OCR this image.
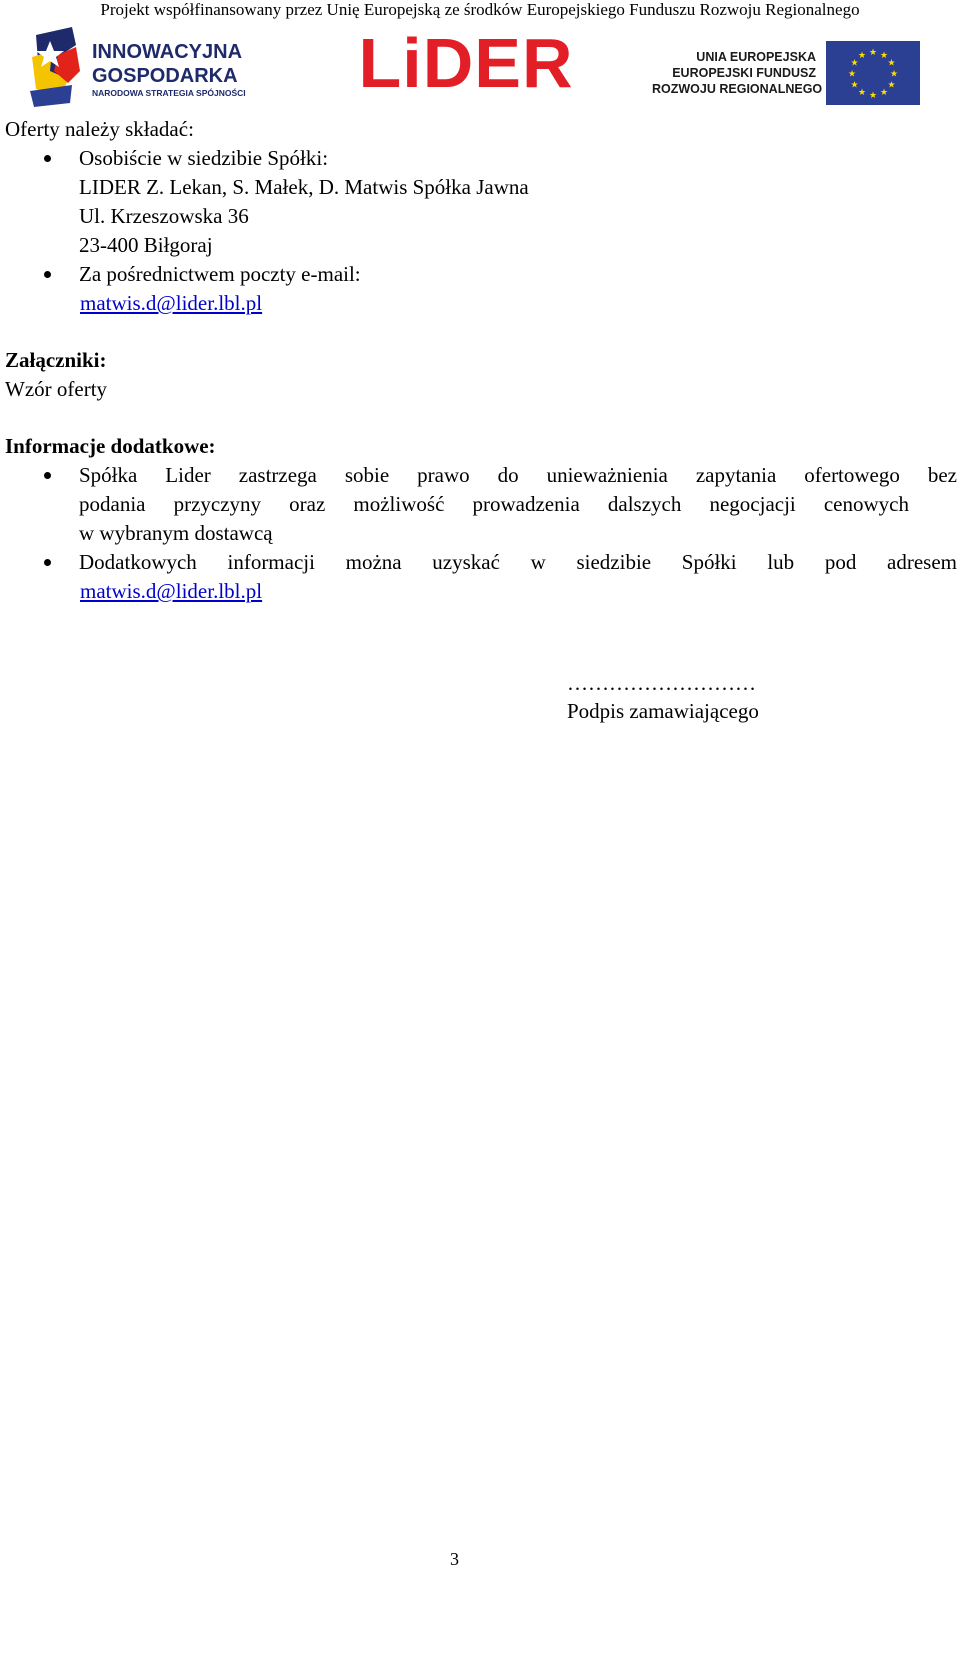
Projekt współfinansowany przez Unię Europejską ze środków Europejskiego Funduszu Rozwoju Regionalnego
INNOWACYJNA
GOSPODARKA
NARODOWA STRATEGIA SPÓJNOŚCI LiDER	UNIA EUROPEJSKA
EUROPEJSKI FUNDUSZ
ROZWOJU REGIONALNEGO
★ ★
★
★
★
★
★
★
★
★
★
★
Oferty należy składać:
Osobiście w siedzibie Spółki:
LIDER Z. Lekan, S. Małek, D. Matwis Spółka Jawna
Ul. Krzeszowska 36
23-400 Biłgoraj
Za pośrednictwem poczty e-mail:
matwis.d@lider.lbl.pl
Załączniki:
Wzór oferty
Informacje dodatkowe:
Spółka Lider zastrzega sobie prawo do unieważnienia zapytania ofertowego bez
podania przyczyny oraz możliwość prowadzenia dalszych negocjacji cenowych
w wybranym dostawcą
Dodatkowych informacji można uzyskać w siedzibie Spółki lub pod adresem
matwis.d@lider.lbl.pl
………………………
Podpis zamawiającego
3
